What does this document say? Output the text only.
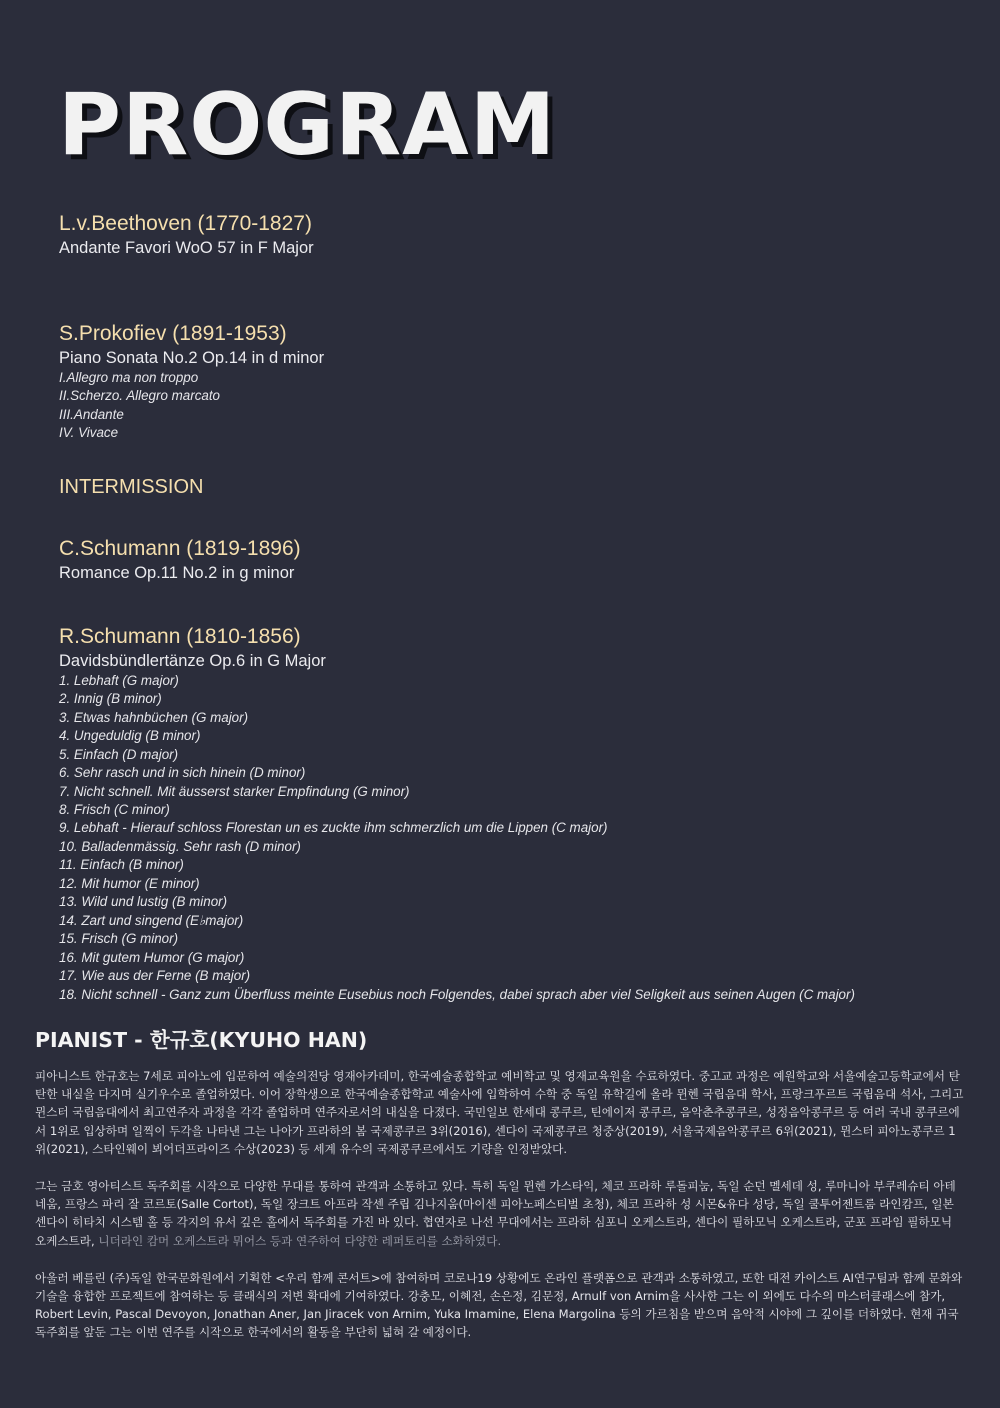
PROGRAM
L.v.Beethoven (1770-1827)
Andante Favori WoO 57 in F Major
S.Prokofiev (1891-1953)
Piano Sonata No.2 Op.14 in d minor
I.Allegro ma non troppo
II.Scherzo. Allegro marcato
III.Andante
IV. Vivace
INTERMISSION
C.Schumann (1819-1896)
Romance Op.11 No.2 in g minor
R.Schumann (1810-1856)
Davidsbündlertänze Op.6 in G Major
1. Lebhaft (G major)
2. Innig (B minor)
3. Etwas hahnbüchen (G major)
4. Ungeduldig (B minor)
5. Einfach (D major)
6. Sehr rasch und in sich hinein (D minor)
7. Nicht schnell. Mit äusserst starker Empfindung (G minor)
8. Frisch (C minor)
9. Lebhaft - Hierauf schloss Florestan un es zuckte ihm schmerzlich um die Lippen (C major)
10. Balladenmässig. Sehr rash (D minor)
11. Einfach (B minor)
12. Mit humor (E minor)
13. Wild und lustig (B minor)
14. Zart und singend (E♭major)
15. Frisch (G minor)
16. Mit gutem Humor (G major)
17. Wie aus der Ferne (B major)
18. Nicht schnell - Ganz zum Überfluss meinte Eusebius noch Folgendes, dabei sprach aber viel Seligkeit aus seinen Augen (C major)
PIANIST - 한규호(KYUHO HAN)

피아니스트 한규호는 7세로 피아노에 입문하여 예술의전당 영재아카데미, 한국예술종합학교 예비학교 및 영재교육원을 수료하였다. 중고교 과정은 예원학교와 서울예술고등학교에서 탄탄한 내실을 다지며 실기우수로 졸업하였다. 이어 장학생으로 한국예술종합학교 예술사에 입학하여 수학 중 독일 유학길에 올라 뮌헨 국립음대 학사, 프랑크푸르트 국립음대 석사, 그리고 뮌스터 국립음대에서 최고연주자 과정을 각각 졸업하며 연주자로서의 내실을 다졌다. 국민일보 한세대 콩쿠르, 틴에이저 콩쿠르, 음악춘추콩쿠르, 성정음악콩쿠르 등 여러 국내 콩쿠르에서 1위로 입상하며 일찍이 두각을 나타낸 그는 나아가 프라하의 봄 국제콩쿠르 3위(2016), 센다이 국제콩쿠르 청중상(2019), 서울국제음악콩쿠르 6위(2021), 뮌스터 피아노콩쿠르 1위(2021), 스타인웨이 뵈어더프라이즈 수상(2023) 등 세계 유수의 국제콩쿠르에서도 기량을 인정받았다.

그는 금호 영아티스트 독주회를 시작으로 다양한 무대를 통하여 관객과 소통하고 있다. 특히 독일 뮌헨 가스타익, 체코 프라하 루돌피눔, 독일 순던 멜세데 성, 루마니아 부쿠레슈티 아테네움, 프랑스 파리 잘 코르토(Salle Cortot), 독일 장크트 아프라 작센 주립 김나지움(마이센 피아노페스티벌 초청), 체코 프라하 성 시몬&유다 성당, 독일 쿨투어젠트룸 라인캄프, 일본 센다이 히타치 시스템 홀 등 각지의 유서 깊은 홀에서 독주회를 가진 바 있다. 협연자로 나선 무대에서는 프라하 심포니 오케스트라, 센다이 필하모닉 오케스트라, 군포 프라임 필하모닉 오케스트라, 니더라인 캄머 오케스트라 뮈어스 등과 연주하여 다양한 레퍼토리를 소화하였다.

아울러 베를린 (주)독일 한국문화원에서 기획한 <우리 함께 콘서트>에 참여하며 코로나19 상황에도 온라인 플랫폼으로 관객과 소통하였고, 또한 대전 카이스트 AI연구팀과 함께 문화와 기술을 융합한 프로젝트에 참여하는 등 클래식의 저변 확대에 기여하였다. 강충모, 이혜전, 손은정, 김문정, Arnulf von Arnim을 사사한 그는 이 외에도 다수의 마스터클래스에 참가, Robert Levin, Pascal Devoyon, Jonathan Aner, Jan Jiracek von Arnim, Yuka Imamine, Elena Margolina 등의 가르침을 받으며 음악적 시야에 그 깊이를 더하였다. 현재 귀국 독주회를 앞둔 그는 이번 연주를 시작으로 한국에서의 활동을 부단히 넓혀 갈 예정이다.
